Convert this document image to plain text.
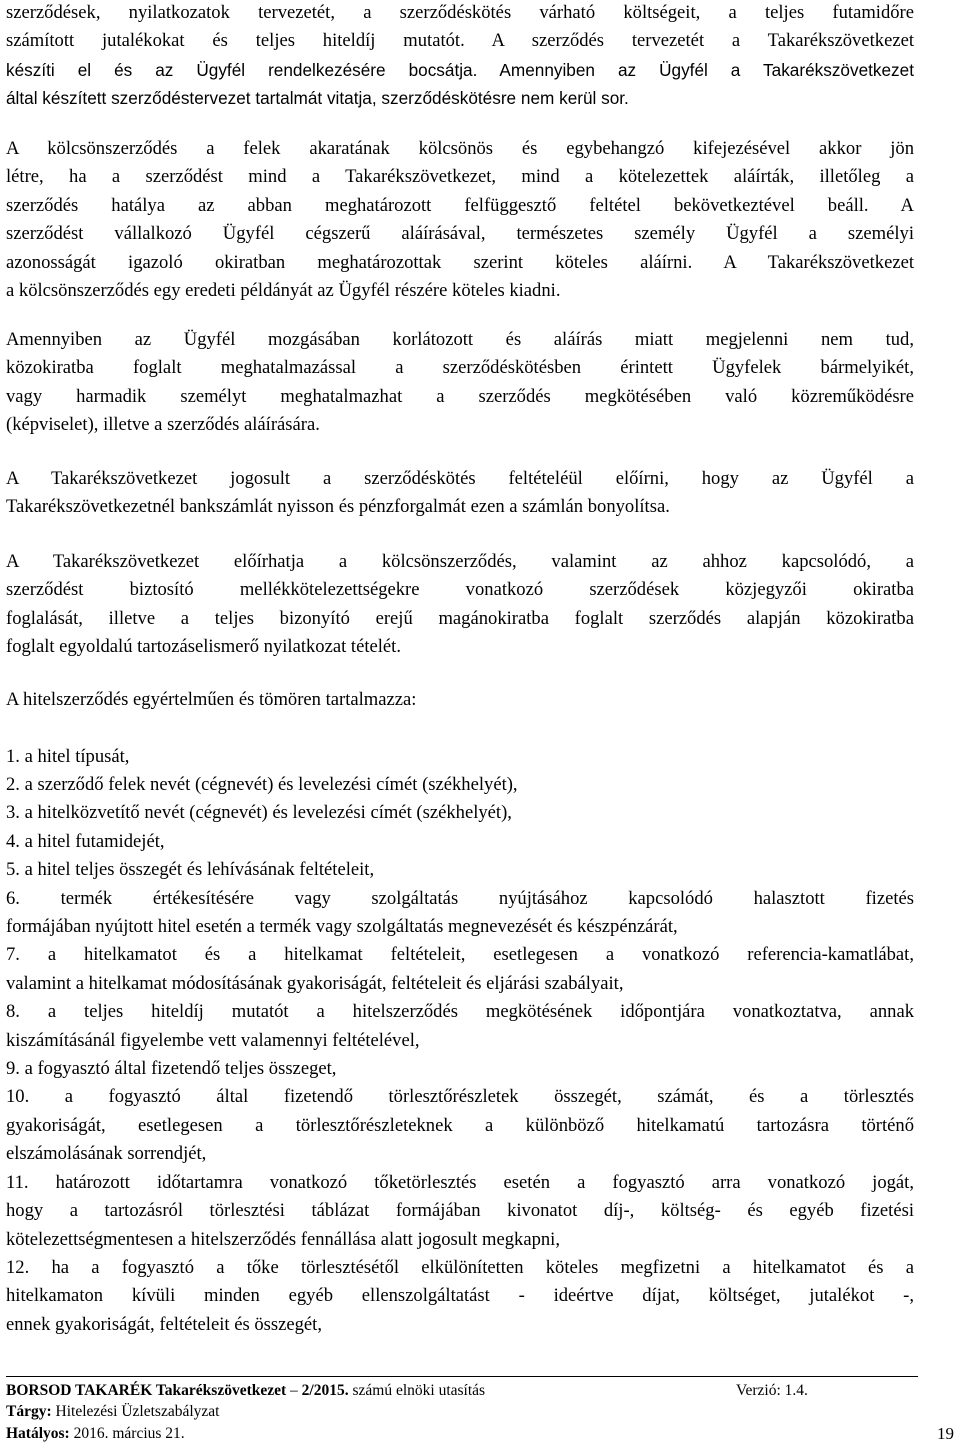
szerződések, nyilatkozatok tervezetét, a szerződéskötés várható költségeit, a teljes futamidőre
számított jutalékokat és teljes hiteldíj mutatót. A szerződés tervezetét a Takarékszövetkezet
készíti el és az Ügyfél rendelkezésére bocsátja. Amennyiben az Ügyfél a Takarékszövetkezet
által készített szerződéstervezet tartalmát vitatja, szerződéskötésre nem kerül sor.
A kölcsönszerződés a felek akaratának kölcsönös és egybehangzó kifejezésével akkor jön
létre, ha a szerződést mind a Takarékszövetkezet, mind a kötelezettek aláírták, illetőleg a
szerződés hatálya az abban meghatározott felfüggesztő feltétel bekövetkeztével beáll. A
szerződést vállalkozó Ügyfél cégszerű aláírásával, természetes személy Ügyfél a személyi
azonosságát igazoló okiratban meghatározottak szerint köteles aláírni. A Takarékszövetkezet
a kölcsönszerződés egy eredeti példányát az Ügyfél részére köteles kiadni.
Amennyiben az Ügyfél mozgásában korlátozott és aláírás miatt megjelenni nem tud,
közokiratba foglalt meghatalmazással a szerződéskötésben érintett Ügyfelek bármelyikét,
vagy harmadik személyt meghatalmazhat a szerződés megkötésében való közreműködésre
(képviselet), illetve a szerződés aláírására.
A Takarékszövetkezet jogosult a szerződéskötés feltételéül előírni, hogy az Ügyfél a
Takarékszövetkezetnél bankszámlát nyisson és pénzforgalmát ezen a számlán bonyolítsa.
A Takarékszövetkezet előírhatja a kölcsönszerződés, valamint az ahhoz kapcsolódó, a
szerződést biztosító mellékkötelezettségekre vonatkozó szerződések közjegyzői okiratba
foglalását, illetve a teljes bizonyító erejű magánokiratba foglalt szerződés alapján közokiratba
foglalt egyoldalú tartozáselismerő nyilatkozat tételét.
A hitelszerződés egyértelműen és tömören tartalmazza:
1. a hitel típusát,
2. a szerződő felek nevét (cégnevét) és levelezési címét (székhelyét),
3. a hitelközvetítő nevét (cégnevét) és levelezési címét (székhelyét),
4. a hitel futamidejét,
5. a hitel teljes összegét és lehívásának feltételeit,
6. termék értékesítésére vagy szolgáltatás nyújtásához kapcsolódó halasztott fizetés
formájában nyújtott hitel esetén a termék vagy szolgáltatás megnevezését és készpénzárát,
7. a hitelkamatot és a hitelkamat feltételeit, esetlegesen a vonatkozó referencia-kamatlábat,
valamint a hitelkamat módosításának gyakoriságát, feltételeit és eljárási szabályait,
8. a teljes hiteldíj mutatót a hitelszerződés megkötésének időpontjára vonatkoztatva, annak
kiszámításánál figyelembe vett valamennyi feltételével,
9. a fogyasztó által fizetendő teljes összeget,
10. a fogyasztó által fizetendő törlesztőrészletek összegét, számát, és a törlesztés
gyakoriságát, esetlegesen a törlesztőrészleteknek a különböző hitelkamatú tartozásra történő
elszámolásának sorrendjét,
11. határozott időtartamra vonatkozó tőketörlesztés esetén a fogyasztó arra vonatkozó jogát,
hogy a tartozásról törlesztési táblázat formájában kivonatot díj-, költség- és egyéb fizetési
kötelezettségmentesen a hitelszerződés fennállása alatt jogosult megkapni,
12. ha a fogyasztó a tőke törlesztésétől elkülönítetten köteles megfizetni a hitelkamatot és a
hitelkamaton kívüli minden egyéb ellenszolgáltatást - ideértve díjat, költséget, jutalékot -,
ennek gyakoriságát, feltételeit és összegét,
BORSOD TAKARÉK Takarékszövetkezet – 2/2015. számú elnöki utasítás	Verzió: 1.4.
Tárgy: Hitelezési Üzletszabályzat
Hatályos: 2016. március 21.	19
